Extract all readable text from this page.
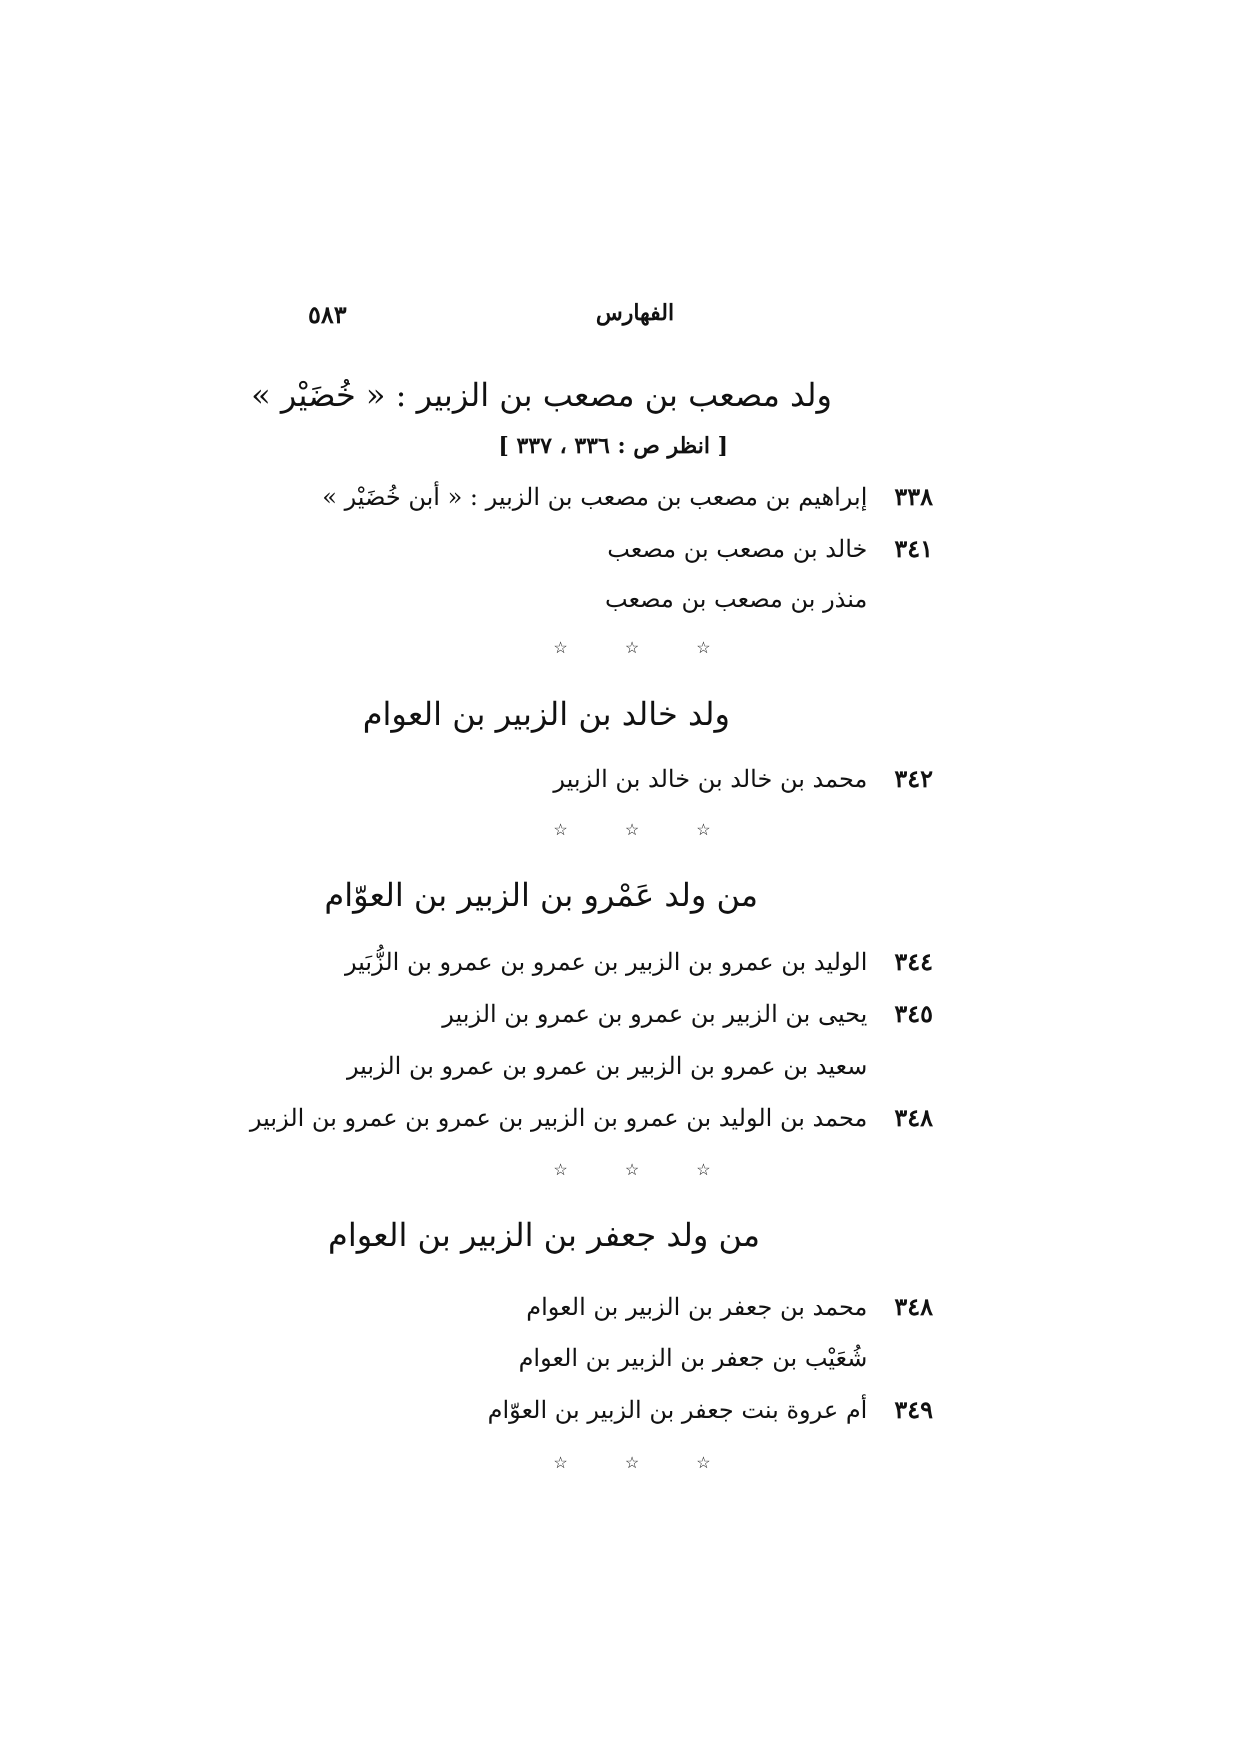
٥٨٣	الفهارس
ولد مصعب بن مصعب بن الزبير : « خُضَيْر »
[ انظر ص : ٣٣٦ ، ٣٣٧ ]
٣٣٨ إبراهيم بن مصعب بن مصعب بن الزبير : « أبن خُضَيْر »
٣٤١ خالد بن مصعب بن مصعب
منذر بن مصعب بن مصعب
☆ ☆ ☆
ولد خالد بن الزبير بن العوام
٣٤٢ محمد بن خالد بن خالد بن الزبير
☆ ☆ ☆
من ولد عَمْرو بن الزبير بن العوّام
٣٤٤ الوليد بن عمرو بن الزبير بن عمرو بن عمرو بن الزُّبَير
٣٤٥ يحيى بن الزبير بن عمرو بن عمرو بن الزبير
سعيد بن عمرو بن الزبير بن عمرو بن عمرو بن الزبير
٣٤٨ محمد بن الوليد بن عمرو بن الزبير بن عمرو بن عمرو بن الزبير
☆ ☆ ☆
من ولد جعفر بن الزبير بن العوام
٣٤٨ محمد بن جعفر بن الزبير بن العوام
شُعَيْب بن جعفر بن الزبير بن العوام
٣٤٩ أم عروة بنت جعفر بن الزبير بن العوّام
☆ ☆ ☆
